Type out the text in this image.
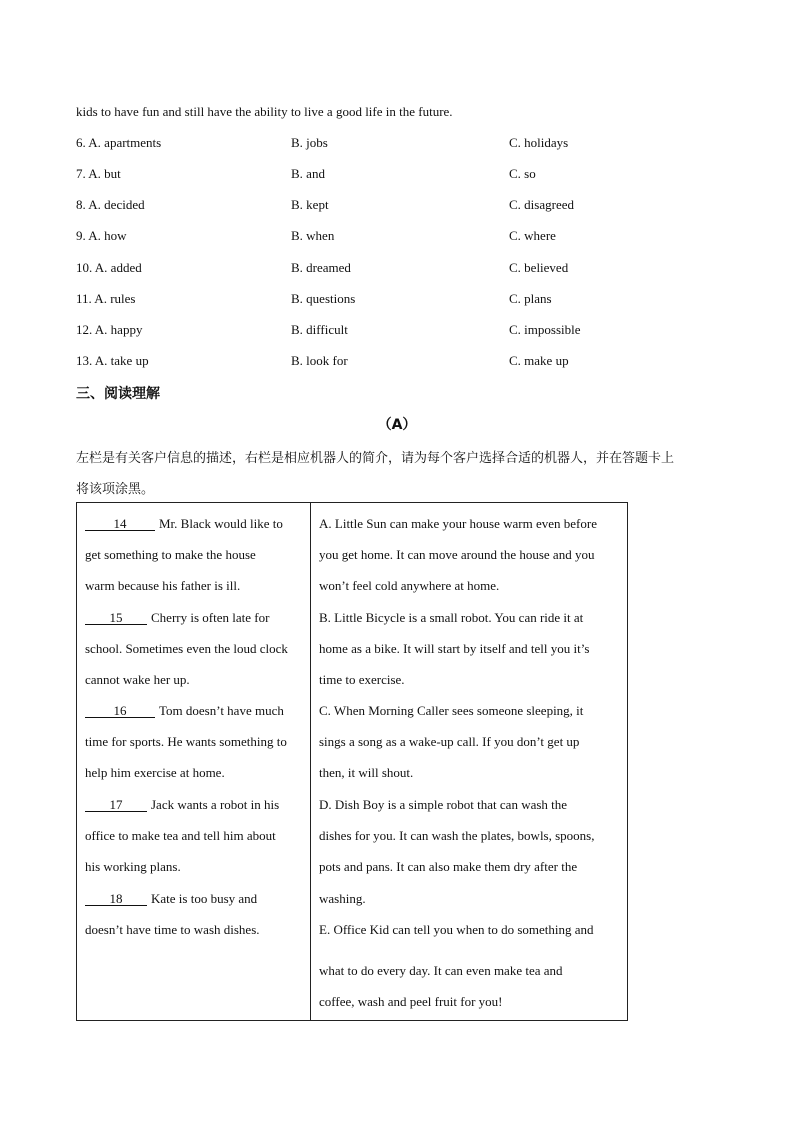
kids to have fun and still have the ability to live a good life in the future.
6. A. apartments	B. jobs	C. holidays
7. A. but	B. and	C. so
8. A. decided	B. kept	C. disagreed
9. A. how	B. when	C. where
10. A. added	B. dreamed	C. believed
11. A. rules	B. questions	C. plans
12. A. happy	B. difficult	C. impossible
13. A. take up	B. look for	C. make up
三、阅读理解
（A）
左栏是有关客户信息的描述，右栏是相应机器人的简介，请为每个客户选择合适的机器人，并在答题卡上
将该项涂黑。
14	Mr. Black would like to
get something to make the house
warm because his father is ill.
15 Cherry is often late for
school. Sometimes even the loud clock
cannot wake her up.
16	Tom doesn’t have much
time for sports. He wants something to
help him exercise at home.
17 Jack wants a robot in his
office to make tea and tell him about
his working plans.
18 Kate is too busy and
doesn’t have time to wash dishes.
A. Little Sun can make your house warm even before
you get home. It can move around the house and you
won’t feel cold anywhere at home.
B. Little Bicycle is a small robot. You can ride it at
home as a bike. It will start by itself and tell you it’s
time to exercise.
C. When Morning Caller sees someone sleeping, it
sings a song as a wake-up call. If you don’t get up
then, it will shout.
D. Dish Boy is a simple robot that can wash the
dishes for you. It can wash the plates, bowls, spoons,
pots and pans. It can also make them dry after the
washing.
E. Office Kid can tell you when to do something and
what to do every day. It can even make tea and
coffee, wash and peel fruit for you!
